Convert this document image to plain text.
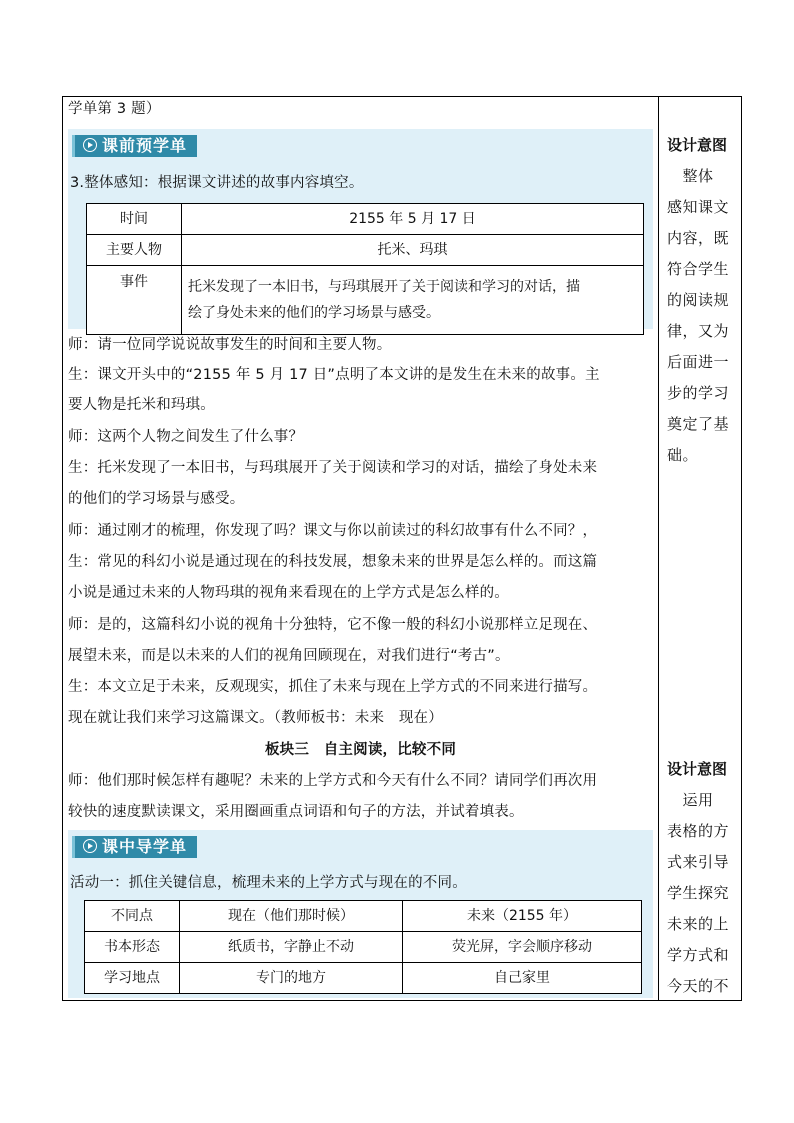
学单第 3 题）
课前预学单
3.整体感知：根据课文讲述的故事内容填空。
时间	2155 年 5 月 17 日
主要人物	托米、玛琪
事件	托米发现了一本旧书，与玛琪展开了关于阅读和学习的对话，描
绘了身处未来的他们的学习场景与感受。
师：请一位同学说说故事发生的时间和主要人物。
生：课文开头中的“2155 年 5 月 17 日”点明了本文讲的是发生在未来的故事。主
要人物是托米和玛琪。
师：这两个人物之间发生了什么事？
生：托米发现了一本旧书，与玛琪展开了关于阅读和学习的对话，描绘了身处未来
的他们的学习场景与感受。
师：通过刚才的梳理，你发现了吗？课文与你以前读过的科幻故事有什么不同？，
生：常见的科幻小说是通过现在的科技发展，想象未来的世界是怎么样的。而这篇
小说是通过未来的人物玛琪的视角来看现在的上学方式是怎么样的。
师：是的，这篇科幻小说的视角十分独特，它不像一般的科幻小说那样立足现在、
展望未来，而是以未来的人们的视角回顾现在，对我们进行“考古”。
生：本文立足于未来，反观现实，抓住了未来与现在上学方式的不同来进行描写。
现在就让我们来学习这篇课文。（教师板书：未来　现在）
板块三　自主阅读，比较不同
师：他们那时候怎样有趣呢？未来的上学方式和今天有什么不同？请同学们再次用
较快的速度默读课文，采用圈画重点词语和句子的方法，并试着填表。
课中导学单
活动一：抓住关键信息，梳理未来的上学方式与现在的不同。
不同点	现在（他们那时候）	未来（2155 年）
书本形态	纸质书，字静止不动	荧光屏，字会顺序移动
学习地点	专门的地方	自己家里
设计意图
　整体
感知课文
内容，既
符合学生
的阅读规
律，又为
后面进一
步的学习
奠定了基
础。
设计意图
　运用
表格的方
式来引导
学生探究
未来的上
学方式和
今天的不
